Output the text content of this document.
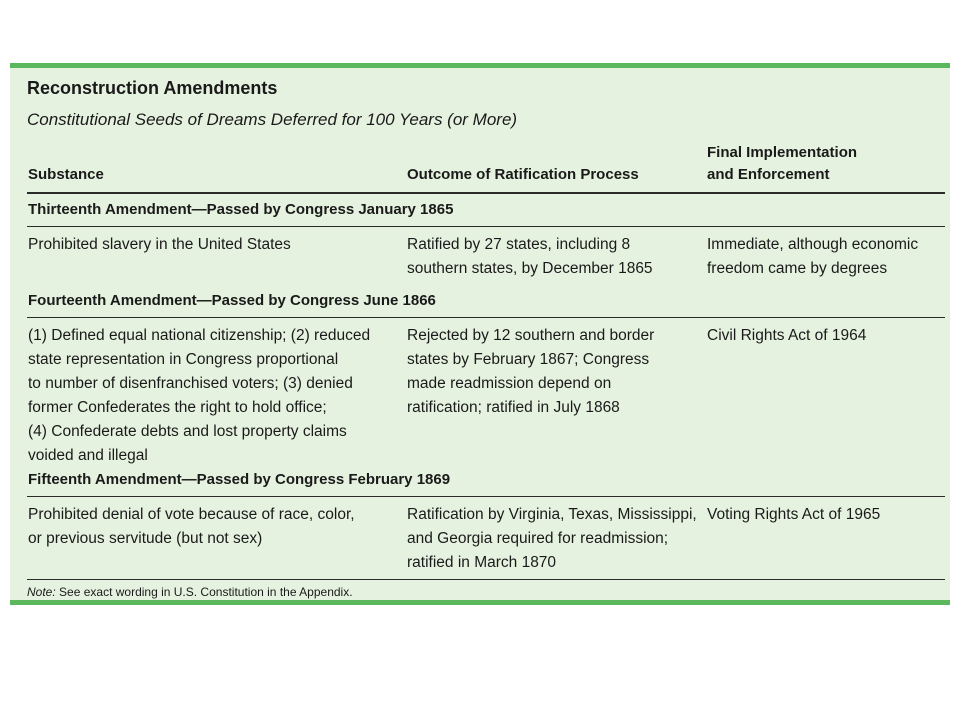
Reconstruction Amendments
Constitutional Seeds of Dreams Deferred for 100 Years (or More)
Substance	Outcome of Ratification Process
Final Implementation
and Enforcement
Thirteenth Amendment—Passed by Congress January 1865
Prohibited slavery in the United States	Ratified by 27 states, including 8
southern states, by December 1865
Immediate, although economic
freedom came by degrees
Fourteenth Amendment—Passed by Congress June 1866
(1) Defined equal national citizenship; (2) reduced
state representation in Congress proportional
to number of disenfranchised voters; (3) denied
former Confederates the right to hold office;
(4) Confederate debts and lost property claims
voided and illegal
Rejected by 12 southern and border
states by February 1867; Congress
made readmission depend on
ratification; ratified in July 1868
Civil Rights Act of 1964
Fifteenth Amendment—Passed by Congress February 1869
Prohibited denial of vote because of race, color,
or previous servitude (but not sex)
Ratification by Virginia, Texas, Mississippi,
and Georgia required for readmission;
ratified in March 1870
Voting Rights Act of 1965
Note: See exact wording in U.S. Constitution in the Appendix.
